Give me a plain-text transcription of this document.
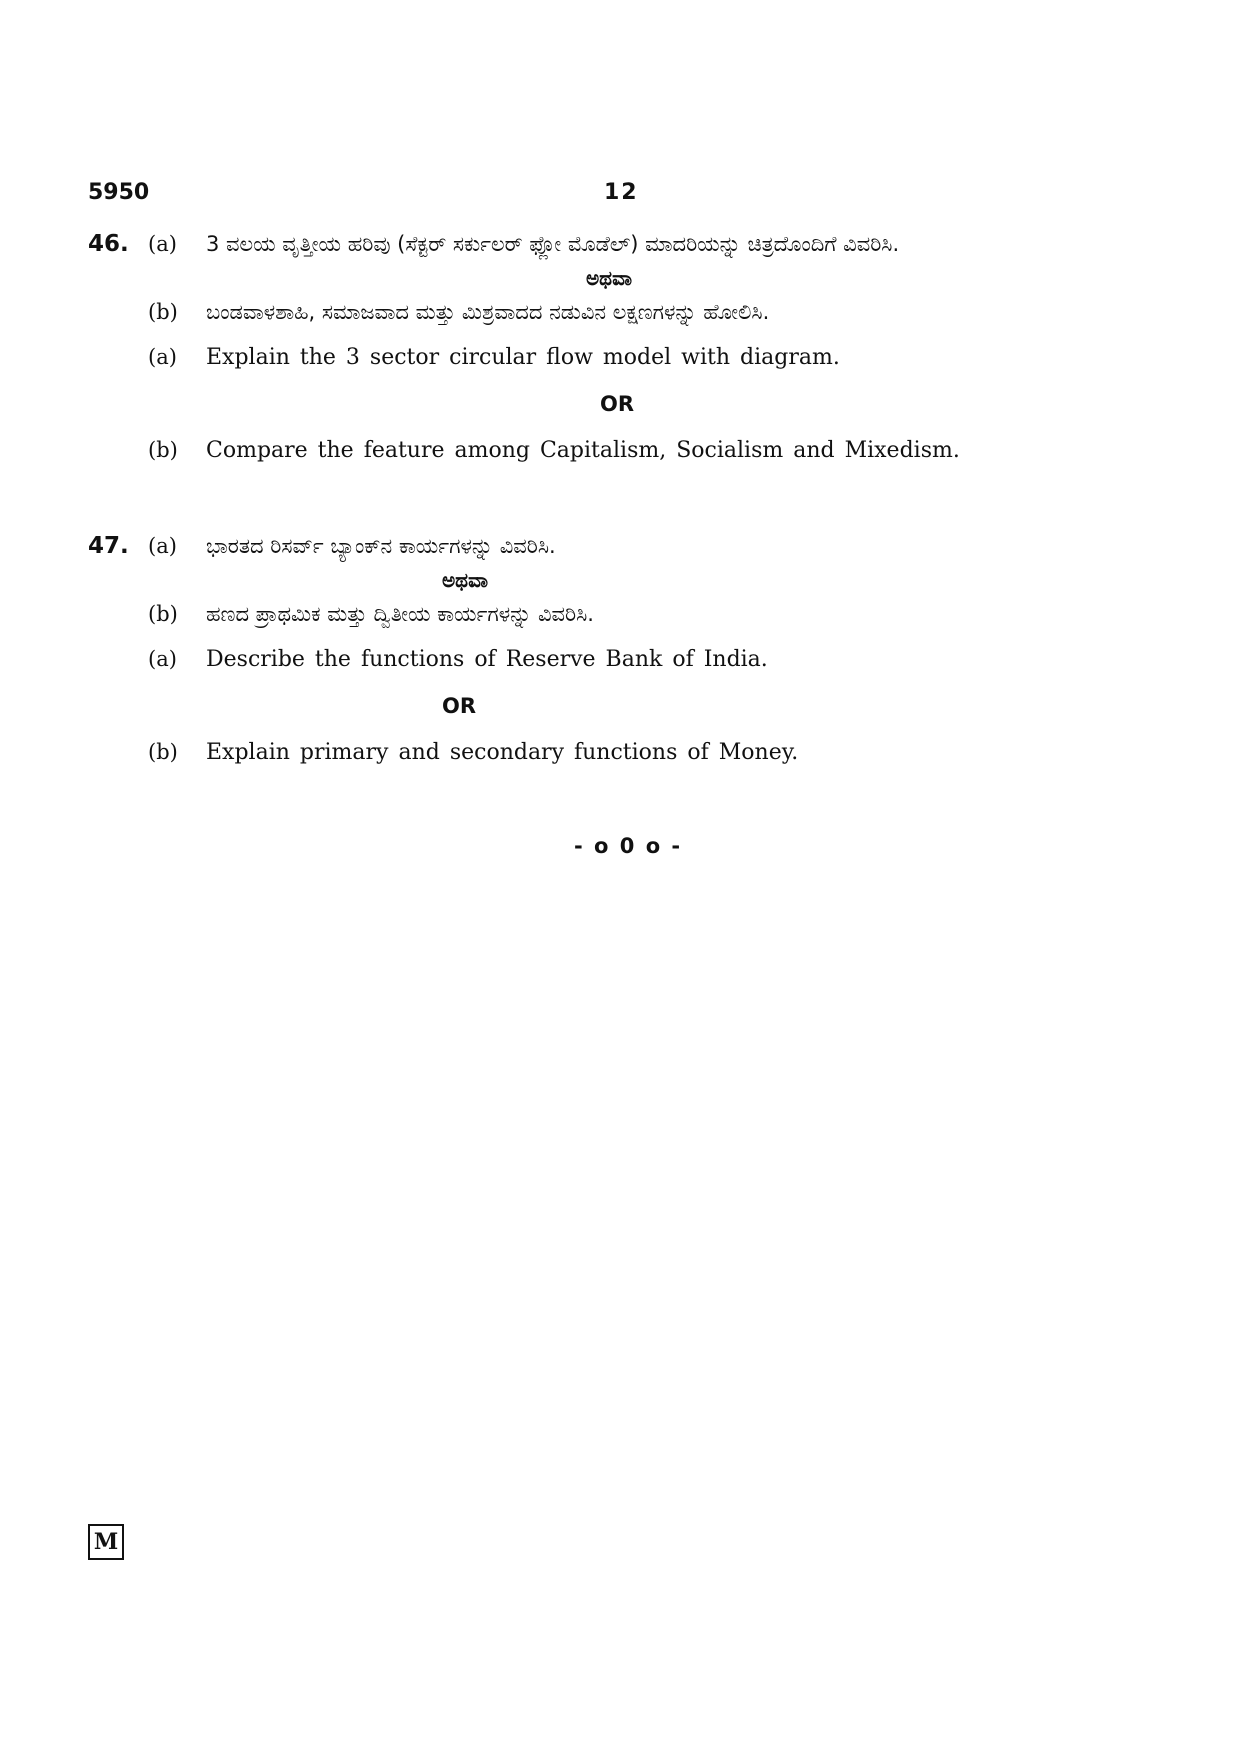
5950	12
46. (a) 3 ವಲಯ ವೃತ್ತೀಯ ಹರಿವು (ಸೆಕ್ಟರ್ ಸರ್ಕುಲರ್ ಫ್ಲೋ ಮೊಡೆಲ್) ಮಾದರಿಯನ್ನು ಚಿತ್ರದೊಂದಿಗೆ ವಿವರಿಸಿ.
ಅಥವಾ
(b) ಬಂಡವಾಳಶಾಹಿ, ಸಮಾಜವಾದ ಮತ್ತು ಮಿಶ್ರವಾದದ ನಡುವಿನ ಲಕ್ಷಣಗಳನ್ನು ಹೋಲಿಸಿ.
(a) Explain the 3 sector circular flow model with diagram.
OR
(b) Compare the feature among Capitalism, Socialism and Mixedism.
47. (a) ಭಾರತದ ರಿಸರ್ವ್ ಬ್ಯಾಂಕ್‌ನ ಕಾರ್ಯಗಳನ್ನು ವಿವರಿಸಿ.
ಅಥವಾ
(b) ಹಣದ ಪ್ರಾಥಮಿಕ ಮತ್ತು ದ್ವಿತೀಯ ಕಾರ್ಯಗಳನ್ನು ವಿವರಿಸಿ.
(a) Describe the functions of Reserve Bank of India.
OR
(b) Explain primary and secondary functions of Money.
- o 0 o -
M
